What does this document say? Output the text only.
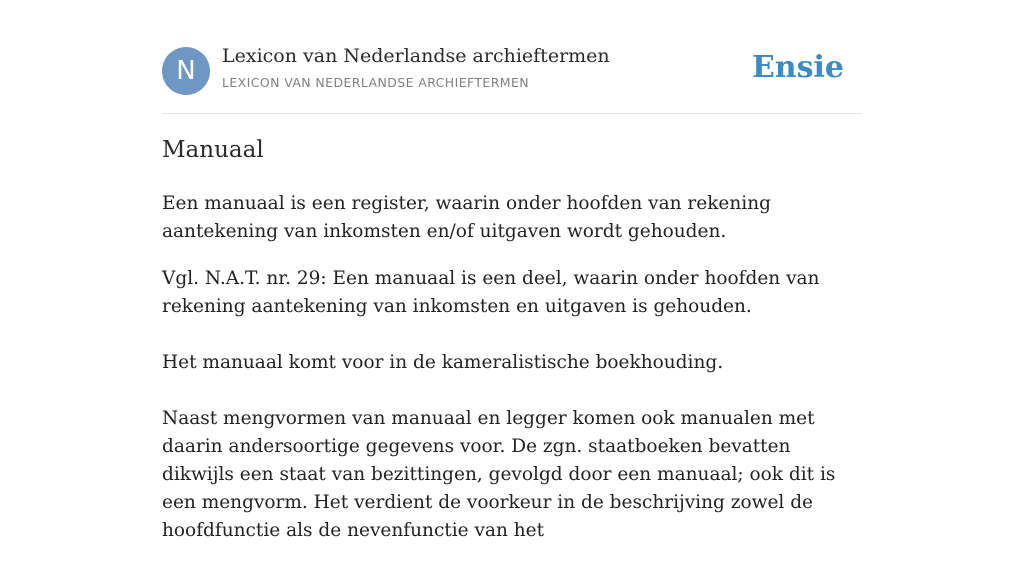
N	Lexicon van Nederlandse archieftermen
LEXICON VAN NEDERLANDSE ARCHIEFTERMEN	Ensie
Manuaal

Een manuaal is een register, waarin onder hoofden van rekening aantekening van inkomsten en/of uitgaven wordt gehouden.

Vgl. N.A.T. nr. 29: Een manuaal is een deel, waarin onder hoofden van rekening aantekening van inkomsten en uitgaven is gehouden.

Het manuaal komt voor in de kameralistische boekhouding.

Naast mengvormen van manuaal en legger komen ook manualen met daarin andersoortige gegevens voor. De zgn. staatboeken bevatten dikwijls een staat van bezittingen, gevolgd door een manuaal; ook dit is een mengvorm. Het verdient de voorkeur in de beschrijving zowel de hoofdfunctie als de nevenfunctie van het
